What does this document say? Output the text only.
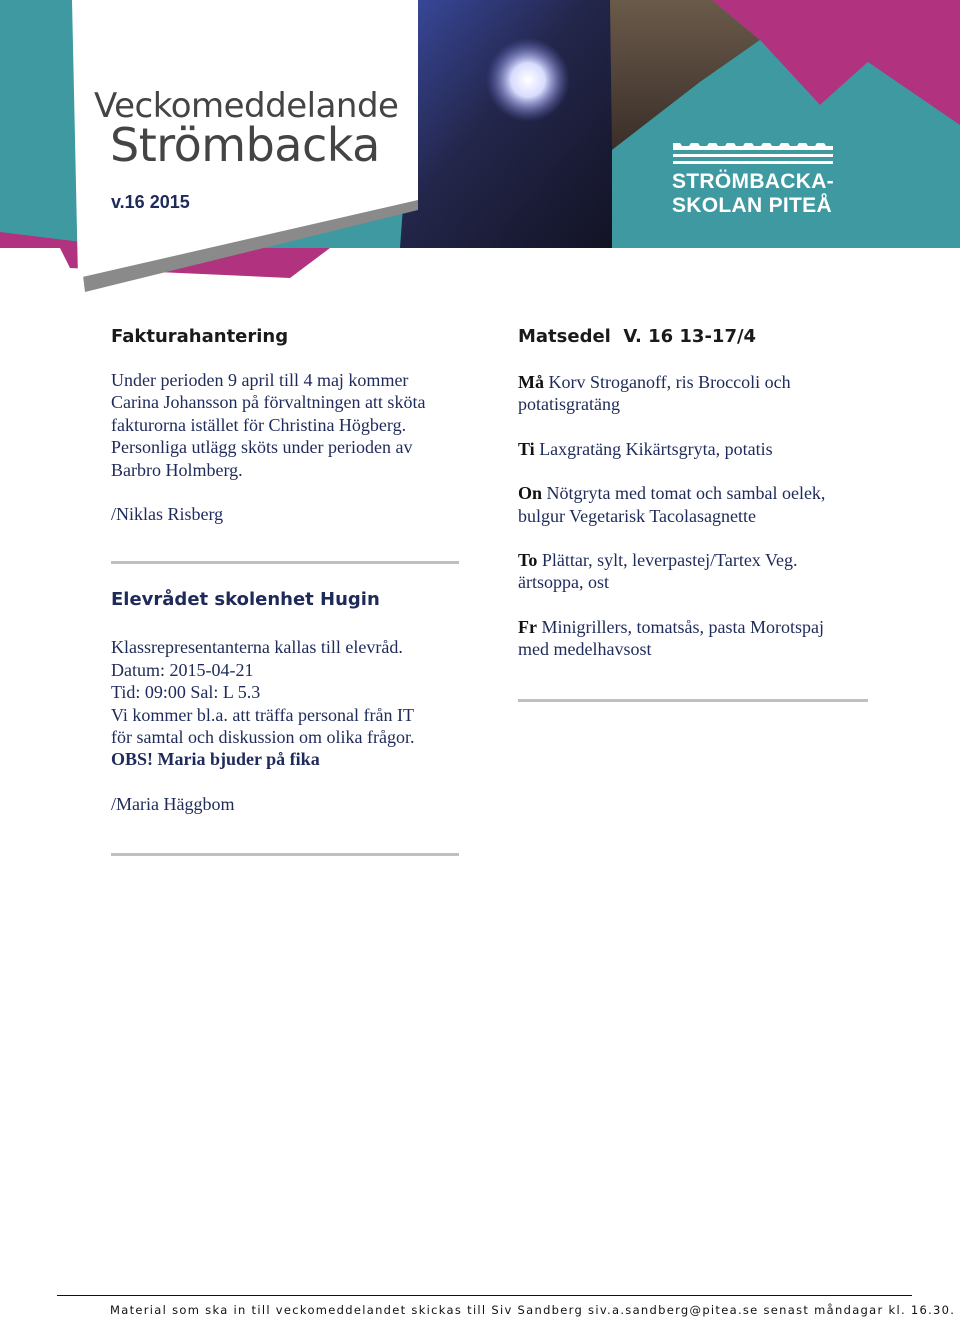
Veckomeddelande
Strömbacka
v.16 2015
STRÖMBACKA-
SKOLAN PITEÅ
Fakturahantering

Under perioden 9 april till 4 maj kommer

Carina Johansson på förvaltningen att sköta

fakturorna istället för Christina Högberg.

Personliga utlägg sköts under perioden av

Barbro Holmberg.

/Niklas Risberg

Elevrådet skolenhet Hugin

Klassrepresentanterna kallas till elevråd.

Datum: 2015-04-21

Tid: 09:00 Sal: L 5.3

Vi kommer bl.a. att träffa personal från IT

för samtal och diskussion om olika frågor.

OBS! Maria bjuder på fika

/Maria Häggbom

Matsedel  V. 16 13-17/4

Må Korv Stroganoff, ris Broccoli och

potatisgratäng

Ti Laxgratäng Kikärtsgryta, potatis

On Nötgryta med tomat och sambal oelek,

bulgur Vegetarisk Tacolasagnette

To Plättar, sylt, leverpastej/Tartex Veg.

ärtsoppa, ost

Fr Minigrillers, tomatsås, pasta Morotspaj

med medelhavsost

Material som ska in till veckomeddelandet skickas till Siv Sandberg siv.a.sandberg@pitea.se senast måndagar kl. 16.30.
